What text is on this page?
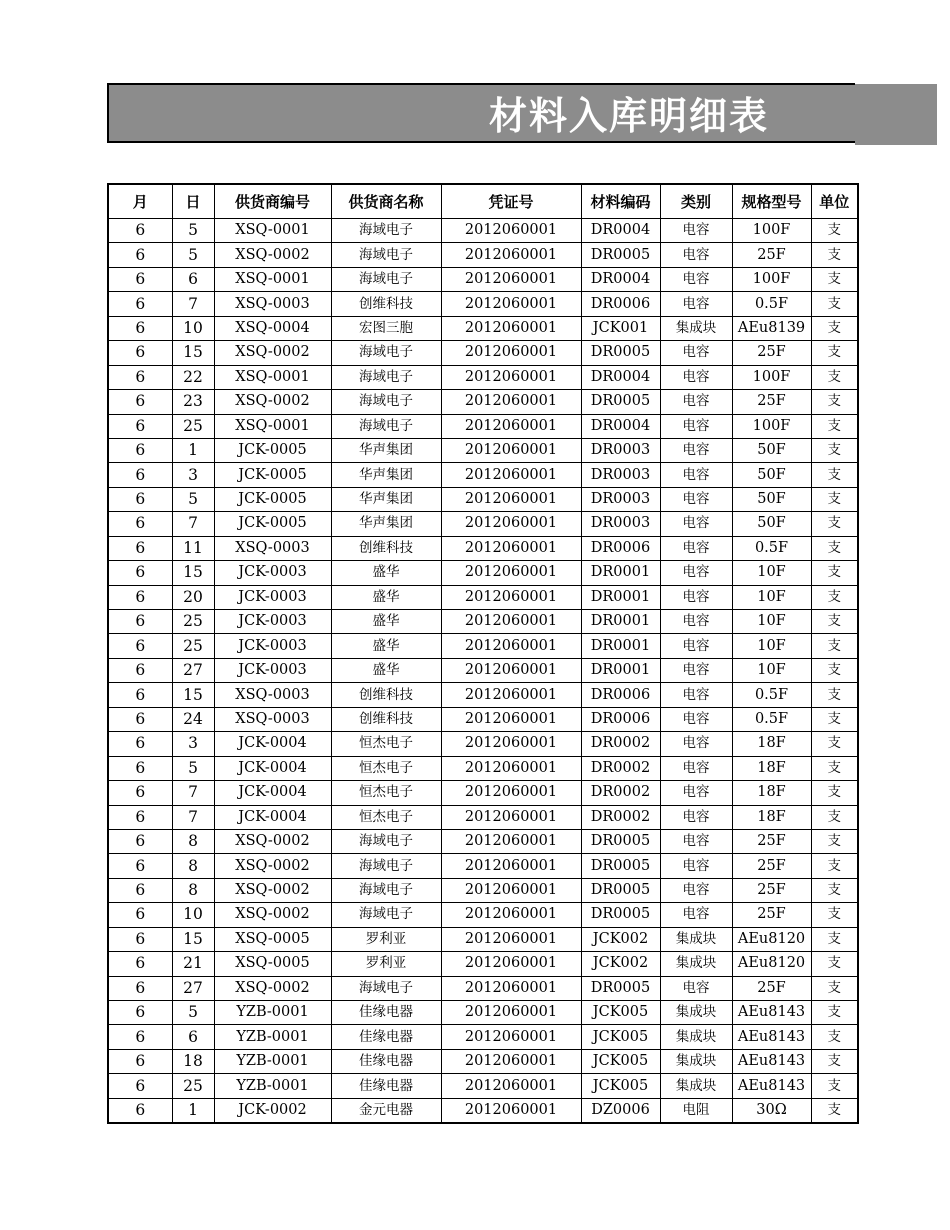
材料入库明细表
月	日	供货商编号	供货商名称	凭证号	材料编码	类别	规格型号	单位
6	5	XSQ-0001	海域电子	2012060001	DR0004	电容	100F	支
6	5	XSQ-0002	海域电子	2012060001	DR0005	电容	25F	支
6	6	XSQ-0001	海域电子	2012060001	DR0004	电容	100F	支
6	7	XSQ-0003	创维科技	2012060001	DR0006	电容	0.5F	支
6	10	XSQ-0004	宏图三胞	2012060001	JCK001	集成块	AEu8139	支
6	15	XSQ-0002	海域电子	2012060001	DR0005	电容	25F	支
6	22	XSQ-0001	海域电子	2012060001	DR0004	电容	100F	支
6	23	XSQ-0002	海域电子	2012060001	DR0005	电容	25F	支
6	25	XSQ-0001	海域电子	2012060001	DR0004	电容	100F	支
6	1	JCK-0005	华声集团	2012060001	DR0003	电容	50F	支
6	3	JCK-0005	华声集团	2012060001	DR0003	电容	50F	支
6	5	JCK-0005	华声集团	2012060001	DR0003	电容	50F	支
6	7	JCK-0005	华声集团	2012060001	DR0003	电容	50F	支
6	11	XSQ-0003	创维科技	2012060001	DR0006	电容	0.5F	支
6	15	JCK-0003	盛华	2012060001	DR0001	电容	10F	支
6	20	JCK-0003	盛华	2012060001	DR0001	电容	10F	支
6	25	JCK-0003	盛华	2012060001	DR0001	电容	10F	支
6	25	JCK-0003	盛华	2012060001	DR0001	电容	10F	支
6	27	JCK-0003	盛华	2012060001	DR0001	电容	10F	支
6	15	XSQ-0003	创维科技	2012060001	DR0006	电容	0.5F	支
6	24	XSQ-0003	创维科技	2012060001	DR0006	电容	0.5F	支
6	3	JCK-0004	恒杰电子	2012060001	DR0002	电容	18F	支
6	5	JCK-0004	恒杰电子	2012060001	DR0002	电容	18F	支
6	7	JCK-0004	恒杰电子	2012060001	DR0002	电容	18F	支
6	7	JCK-0004	恒杰电子	2012060001	DR0002	电容	18F	支
6	8	XSQ-0002	海域电子	2012060001	DR0005	电容	25F	支
6	8	XSQ-0002	海域电子	2012060001	DR0005	电容	25F	支
6	8	XSQ-0002	海域电子	2012060001	DR0005	电容	25F	支
6	10	XSQ-0002	海域电子	2012060001	DR0005	电容	25F	支
6	15	XSQ-0005	罗利亚	2012060001	JCK002	集成块	AEu8120	支
6	21	XSQ-0005	罗利亚	2012060001	JCK002	集成块	AEu8120	支
6	27	XSQ-0002	海域电子	2012060001	DR0005	电容	25F	支
6	5	YZB-0001	佳缘电器	2012060001	JCK005	集成块	AEu8143	支
6	6	YZB-0001	佳缘电器	2012060001	JCK005	集成块	AEu8143	支
6	18	YZB-0001	佳缘电器	2012060001	JCK005	集成块	AEu8143	支
6	25	YZB-0001	佳缘电器	2012060001	JCK005	集成块	AEu8143	支
6	1	JCK-0002	金元电器	2012060001	DZ0006	电阻	30Ω	支
